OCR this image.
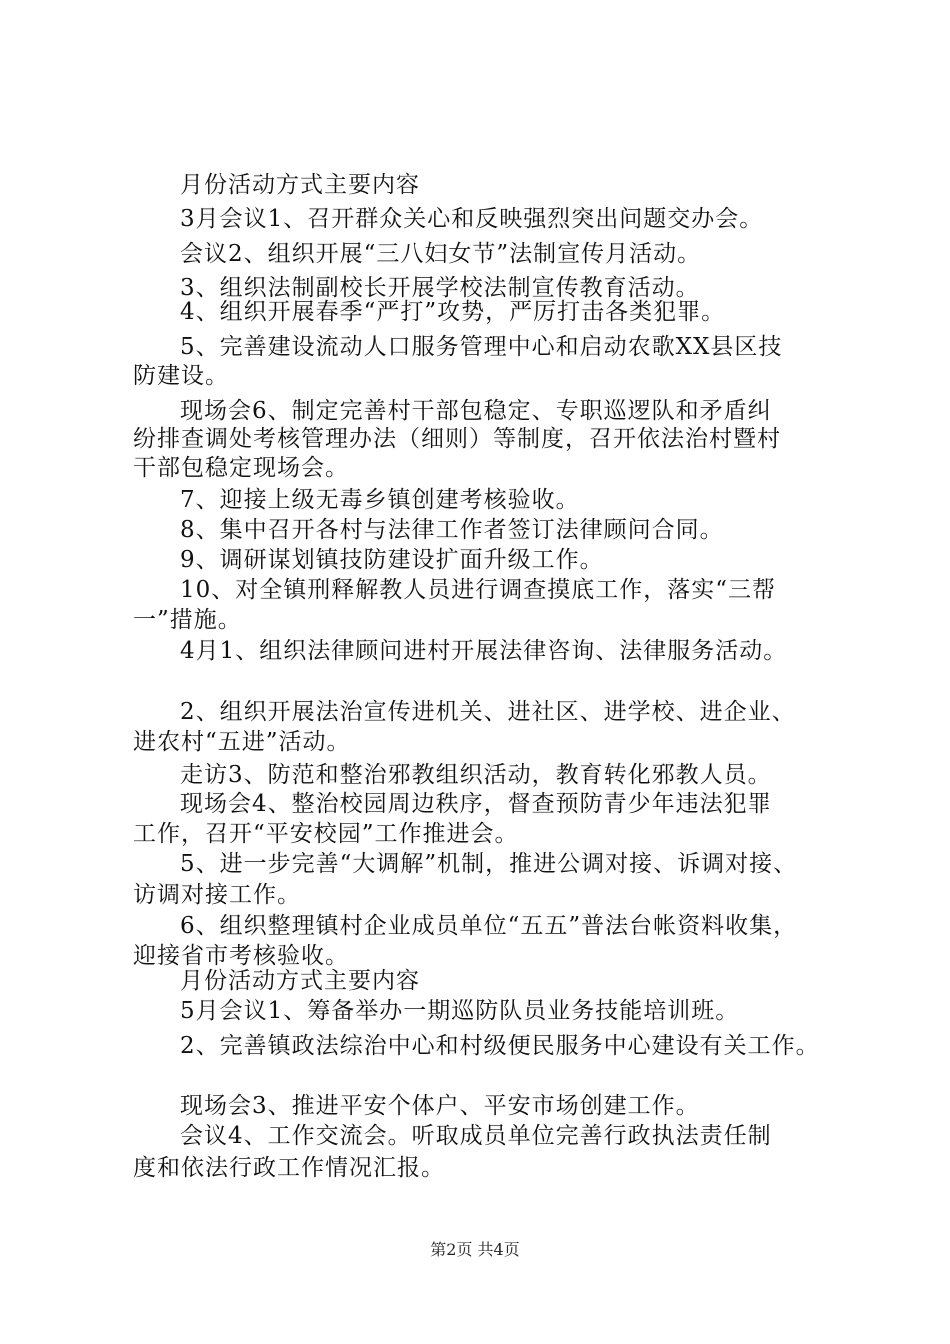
月份活动方式主要内容
3月会议1、召开群众关心和反映强烈突出问题交办会。
会议2、组织开展“三八妇女节”法制宣传月活动。
3、组织法制副校长开展学校法制宣传教育活动。
4、组织开展春季“严打”攻势，严厉打击各类犯罪。
5、完善建设流动人口服务管理中心和启动农歌XX县区技
防建设。
现场会6、制定完善村干部包稳定、专职巡逻队和矛盾纠
纷排查调处考核管理办法（细则）等制度，召开依法治村暨村
干部包稳定现场会。
7、迎接上级无毒乡镇创建考核验收。
8、集中召开各村与法律工作者签订法律顾问合同。
9、调研谋划镇技防建设扩面升级工作。
10、对全镇刑释解教人员进行调查摸底工作，落实“三帮
一”措施。
4月1、组织法律顾问进村开展法律咨询、法律服务活动。
2、组织开展法治宣传进机关、进社区、进学校、进企业、
进农村“五进”活动。
走访3、防范和整治邪教组织活动，教育转化邪教人员。
现场会4、整治校园周边秩序，督查预防青少年违法犯罪
工作，召开“平安校园”工作推进会。
5、进一步完善“大调解”机制，推进公调对接、诉调对接、
访调对接工作。
6、组织整理镇村企业成员单位“五五”普法台帐资料收集，
迎接省市考核验收。
月份活动方式主要内容
5月会议1、筹备举办一期巡防队员业务技能培训班。
2、完善镇政法综治中心和村级便民服务中心建设有关工作。
现场会3、推进平安个体户、平安市场创建工作。
会议4、工作交流会。听取成员单位完善行政执法责任制
度和依法行政工作情况汇报。
第2页 共4页
